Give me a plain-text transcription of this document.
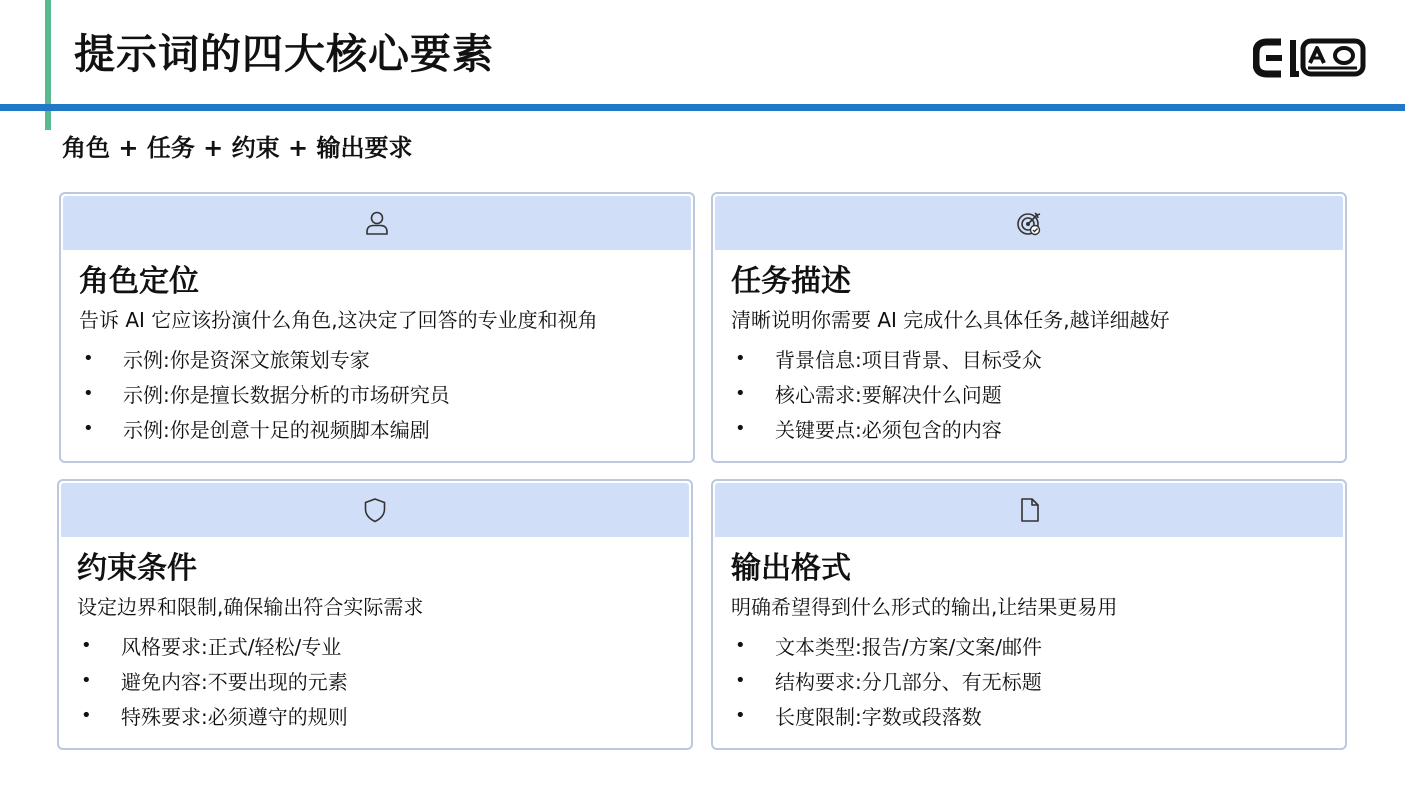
提示词的四大核心要素
角色 + 任务 + 约束 + 输出要求
角色定位
告诉 AI 它应该扮演什么角色,这决定了回答的专业度和视角
•	示例:你是资深文旅策划专家
•	示例:你是擅长数据分析的市场研究员
•	示例:你是创意十足的视频脚本编剧
任务描述
清晰说明你需要 AI 完成什么具体任务,越详细越好
•	背景信息:项目背景、目标受众
•	核心需求:要解决什么问题
•	关键要点:必须包含的内容
约束条件
设定边界和限制,确保输出符合实际需求
•	风格要求:正式/轻松/专业
•	避免内容:不要出现的元素
•	特殊要求:必须遵守的规则
输出格式
明确希望得到什么形式的输出,让结果更易用
•	文本类型:报告/方案/文案/邮件
•	结构要求:分几部分、有无标题
•	长度限制:字数或段落数
